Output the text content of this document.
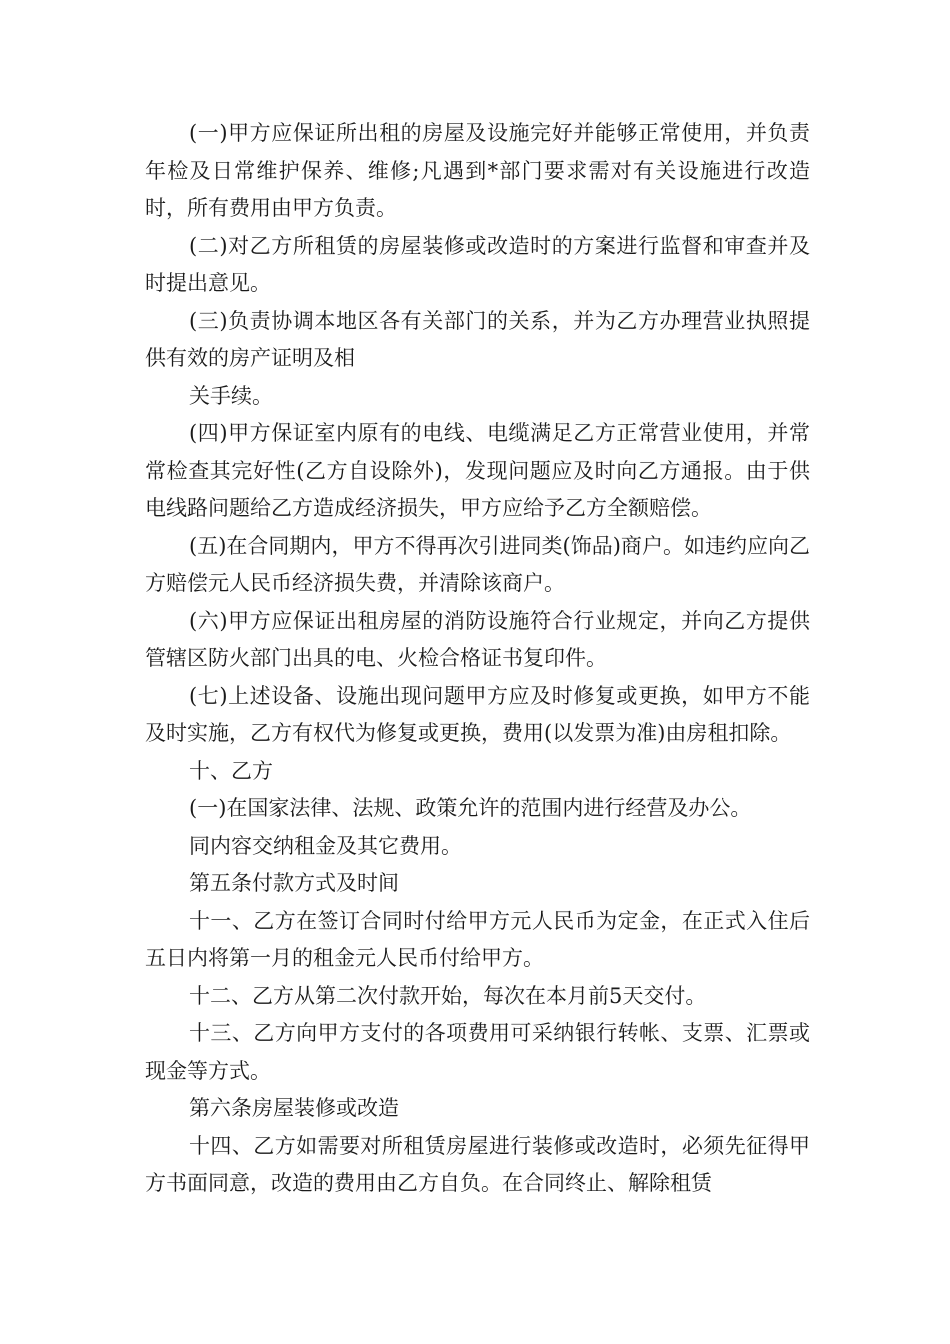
(一)甲方应保证所出租的房屋及设施完好并能够正常使用，并负责年检及日常维护保养、维修;凡遇到*部门要求需对有关设施进行改造时，所有费用由甲方负责。

(二)对乙方所租赁的房屋装修或改造时的方案进行监督和审查并及时提出意见。

(三)负责协调本地区各有关部门的关系，并为乙方办理营业执照提供有效的房产证明及相

关手续。

(四)甲方保证室内原有的电线、电缆满足乙方正常营业使用，并常常检查其完好性(乙方自设除外)，发现问题应及时向乙方通报。由于供电线路问题给乙方造成经济损失，甲方应给予乙方全额赔偿。

(五)在合同期内，甲方不得再次引进同类(饰品)商户。如违约应向乙方赔偿元人民币经济损失费，并清除该商户。

(六)甲方应保证出租房屋的消防设施符合行业规定，并向乙方提供管辖区防火部门出具的电、火检合格证书复印件。

(七)上述设备、设施出现问题甲方应及时修复或更换，如甲方不能及时实施，乙方有权代为修复或更换，费用(以发票为准)由房租扣除。

十、乙方

(一)在国家法律、法规、政策允许的范围内进行经营及办公。

同内容交纳租金及其它费用。

第五条付款方式及时间

十一、乙方在签订合同时付给甲方元人民币为定金，在正式入住后五日内将第一月的租金元人民币付给甲方。

十二、乙方从第二次付款开始，每次在本月前5天交付。

十三、乙方向甲方支付的各项费用可采纳银行转帐、支票、汇票或现金等方式。

第六条房屋装修或改造

十四、乙方如需要对所租赁房屋进行装修或改造时，必须先征得甲方书面同意，改造的费用由乙方自负。在合同终止、解除租赁
